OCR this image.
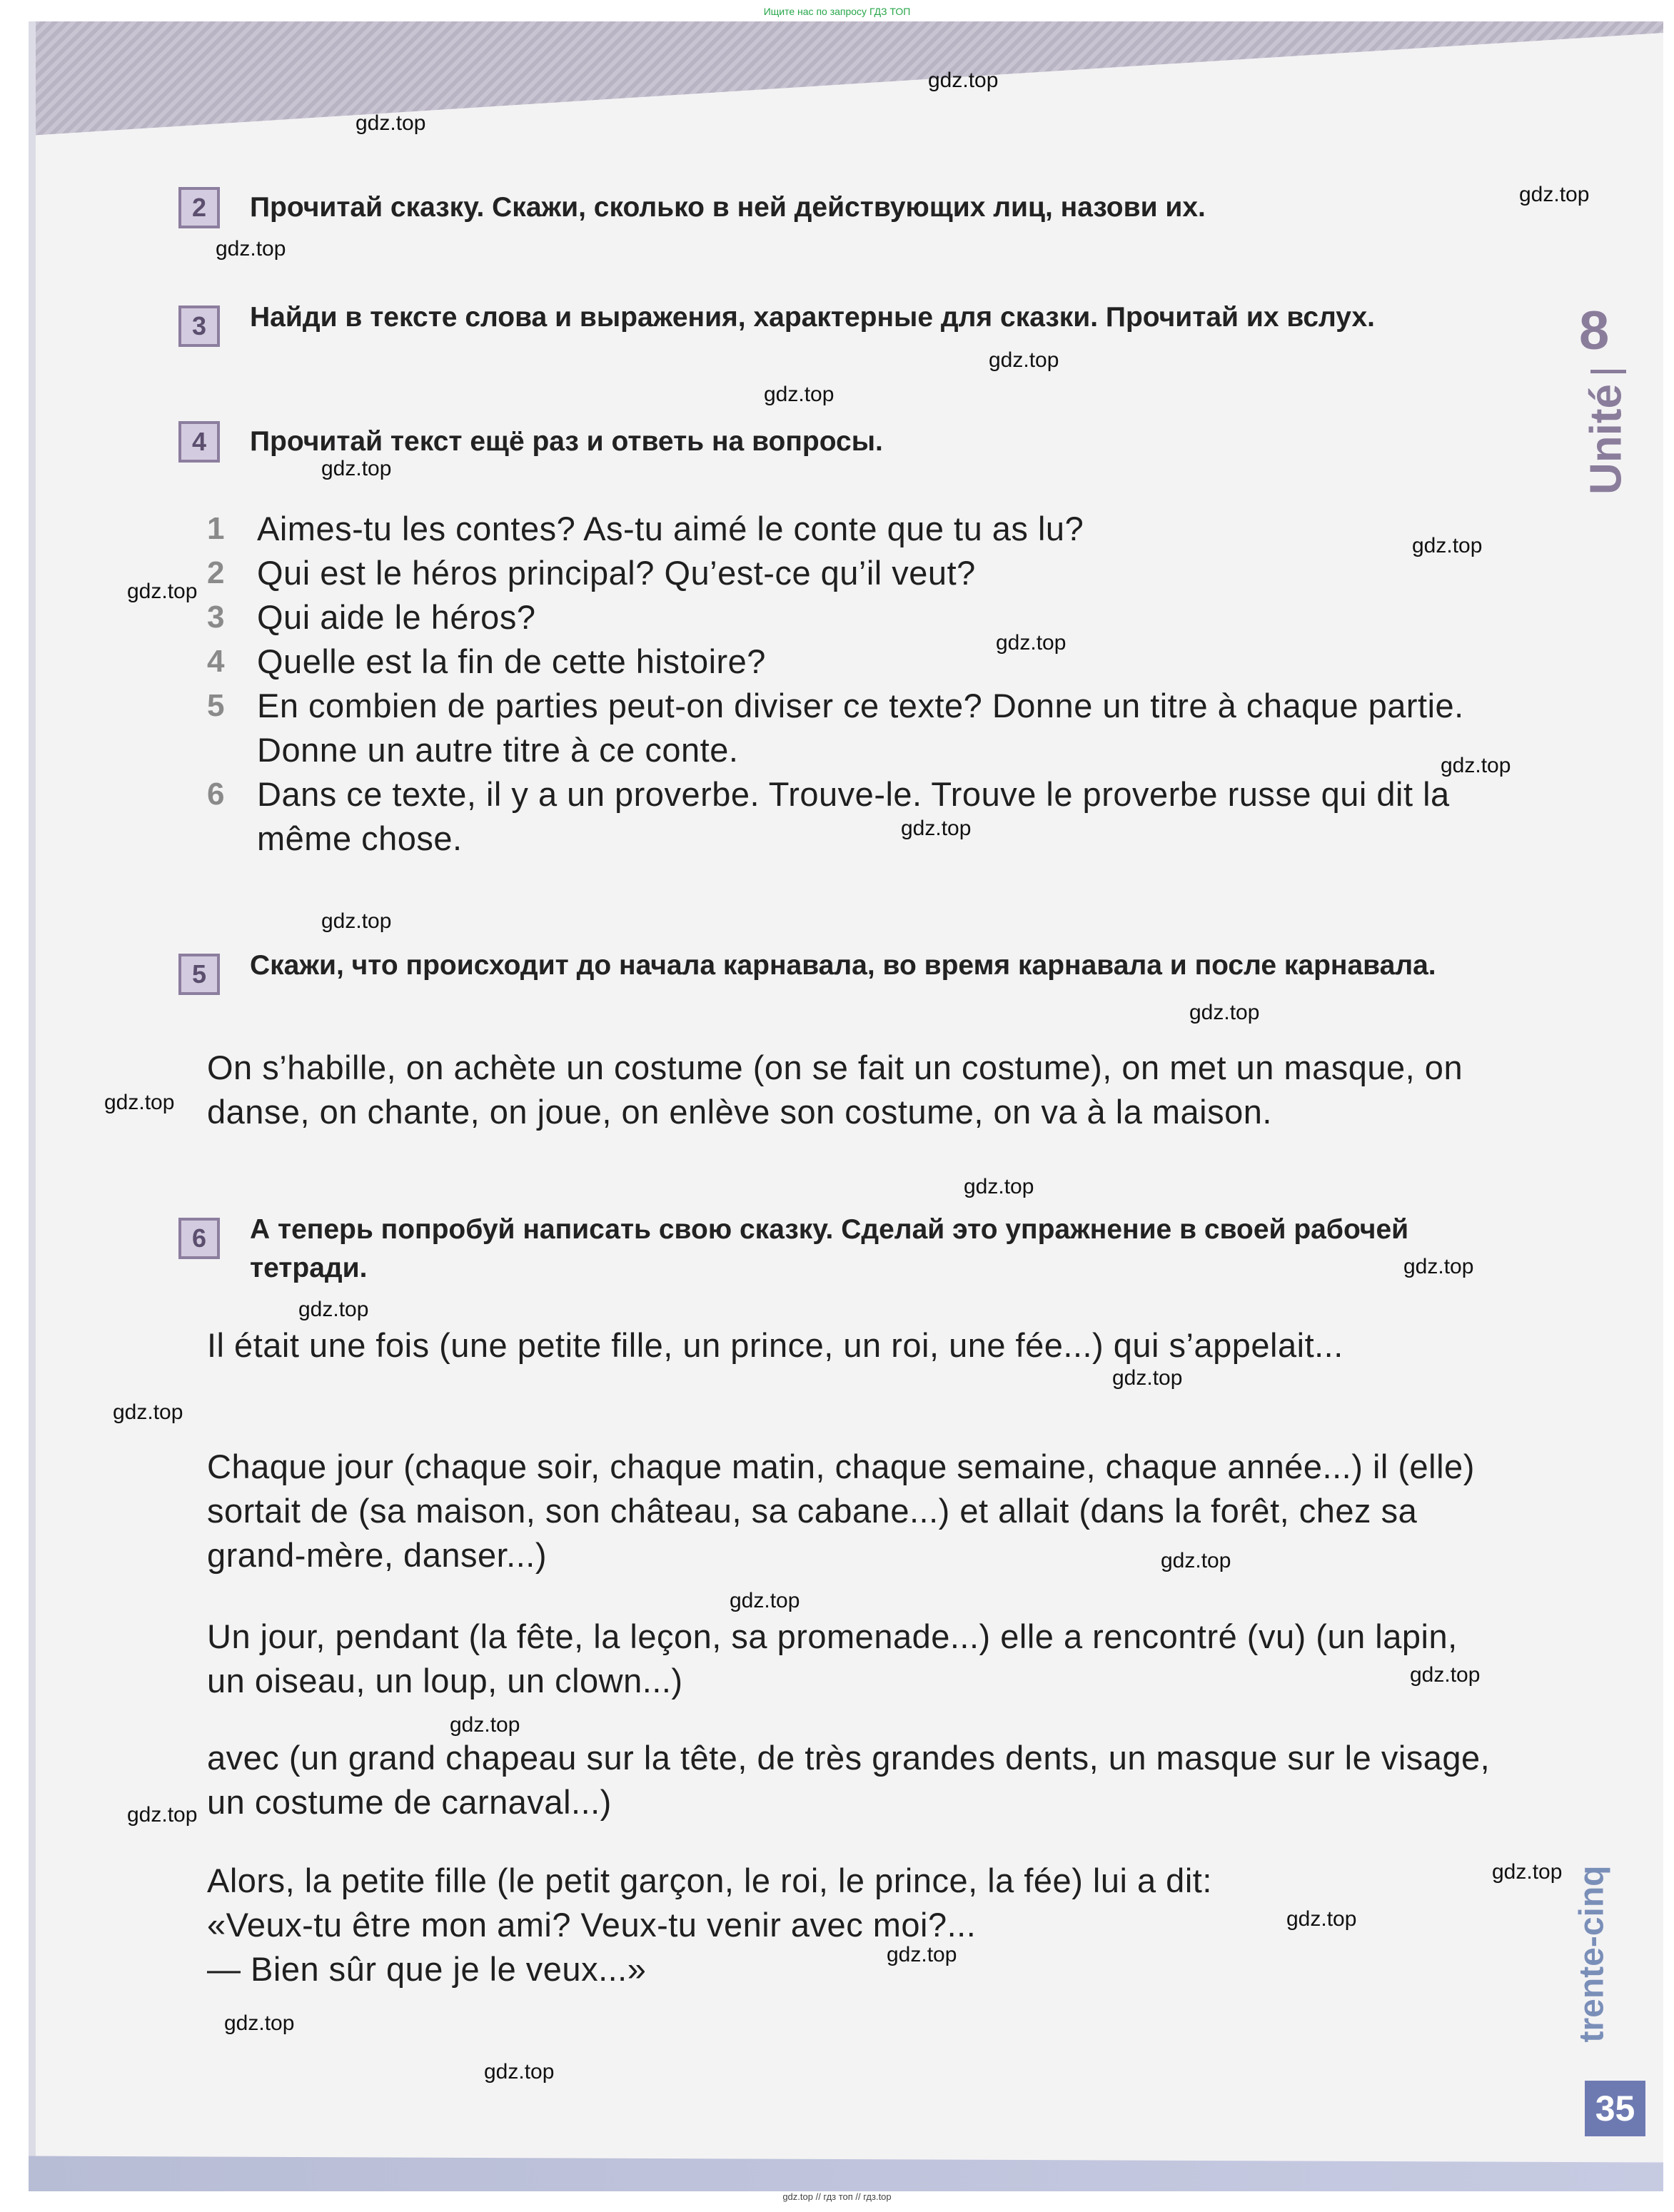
Ищите нас по запросу ГДЗ ТОП
2	Прочитай сказку. Скажи, сколько в ней действующих лиц, назови их.
3	Найди в тексте слова и выражения, характерные для сказки. Прочитай их вслух.
4	Прочитай текст ещё раз и ответь на вопросы.
1 Aimes-tu les contes? As-tu aimé le conte que tu as lu?
2 Qui est le héros principal? Qu’est-ce qu’il veut?
3 Qui aide le héros?
4 Quelle est la fin de cette histoire?
5 En combien de parties peut-on diviser ce texte? Donne un titre à chaque partie. Donne un autre titre à ce conte.
6 Dans ce texte, il y a un proverbe. Trouve-le. Trouve le proverbe russe qui dit la même chose.
5	Скажи, что происходит до начала карнавала, во время карнавала и после карнавала.
On s’habille, on achète un costume (on se fait un costume), on met un masque, on danse, on chante, on joue, on enlève son costume, on va à la maison.
6	А теперь попробуй написать свою сказку. Сделай это упражнение в своей рабочей тетради.
Il était une fois (une petite fille, un prince, un roi, une fée...) qui s’appelait...
Chaque jour (chaque soir, chaque matin, chaque semaine, chaque année...) il (elle) sortait de (sa maison, son château, sa cabane...) et allait (dans la forêt, chez sa grand-mère, danser...)
Un jour, pendant (la fête, la leçon, sa promenade...) elle a rencontré (vu) (un lapin, un oiseau, un loup, un clown...)
avec (un grand chapeau sur la tête, de très grandes dents, un masque sur le visage, un costume de carnaval...)
Alors, la petite fille (le petit garçon, le roi, le prince, la fée) lui a dit:
«Veux-tu être mon ami? Veux-tu venir avec moi?...
— Bien sûr que je le veux...»
8
Unité
trente-cinq
35
gdz.top
gdz.top
gdz.top
gdz.top
gdz.top
gdz.top
gdz.top
gdz.top
gdz.top
gdz.top
gdz.top
gdz.top
gdz.top
gdz.top
gdz.top
gdz.top
gdz.top
gdz.top
gdz.top
gdz.top
gdz.top
gdz.top
gdz.top
gdz.top
gdz.top
gdz.top
gdz.top
gdz.top
gdz.top
gdz.top
gdz.top // гдз топ // гдз.top
